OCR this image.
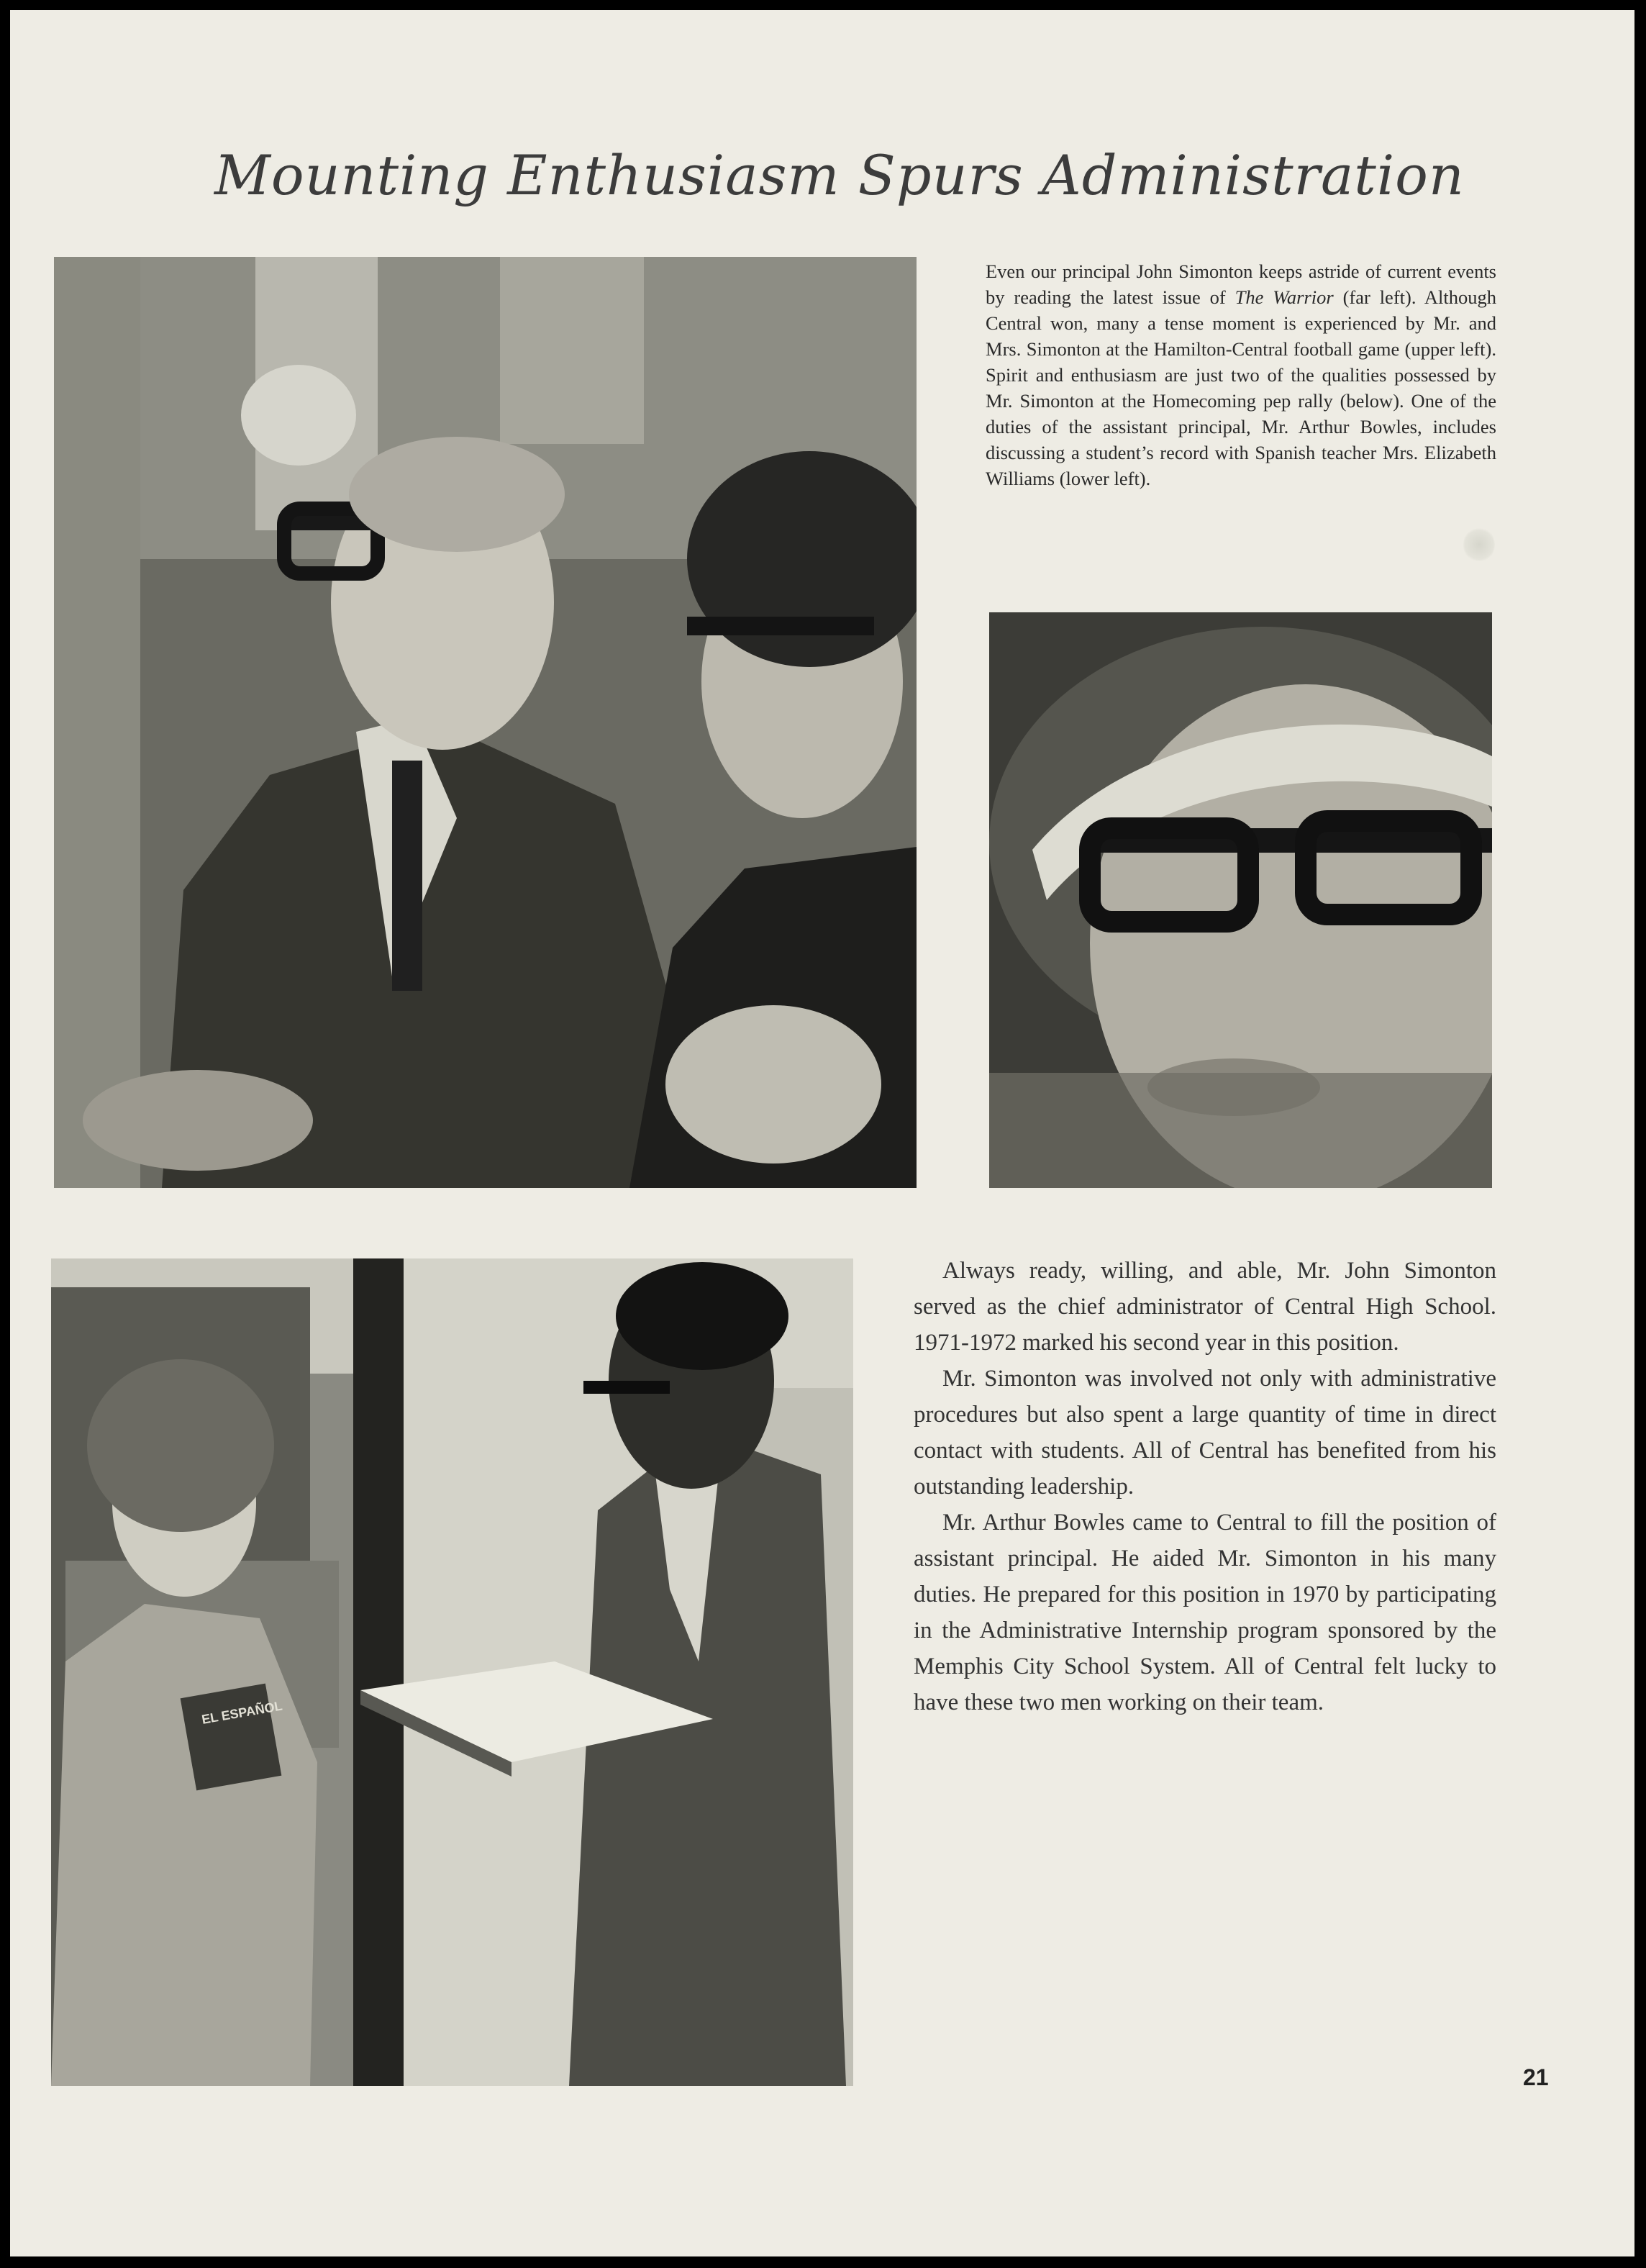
Mounting Enthusiasm Spurs Administration
Even our principal John Simonton keeps astride of current events by reading the latest issue of The Warrior (far left). Although Central won, many a tense moment is experienced by Mr. and Mrs. Simonton at the Hamilton-Central football game (upper left). Spirit and enthusiasm are just two of the qualities possessed by Mr. Simonton at the Homecoming pep rally (below). One of the duties of the assistant principal, Mr. Arthur Bowles, includes discussing a student’s record with Spanish teacher Mrs. Elizabeth Williams (lower left).
EL ESPAÑOL

Always ready, willing, and able, Mr. John Simonton served as the chief administrator of Central High School. 1971-1972 marked his second year in this position.

Mr. Simonton was involved not only with administrative procedures but also spent a large quantity of time in direct contact with students. All of Central has benefited from his outstanding leadership.

Mr. Arthur Bowles came to Central to fill the position of assistant principal. He aided Mr. Simonton in his many duties. He prepared for this position in 1970 by participating in the Administrative Internship program sponsored by the Memphis City School System. All of Central felt lucky to have these two men working on their team.

21
